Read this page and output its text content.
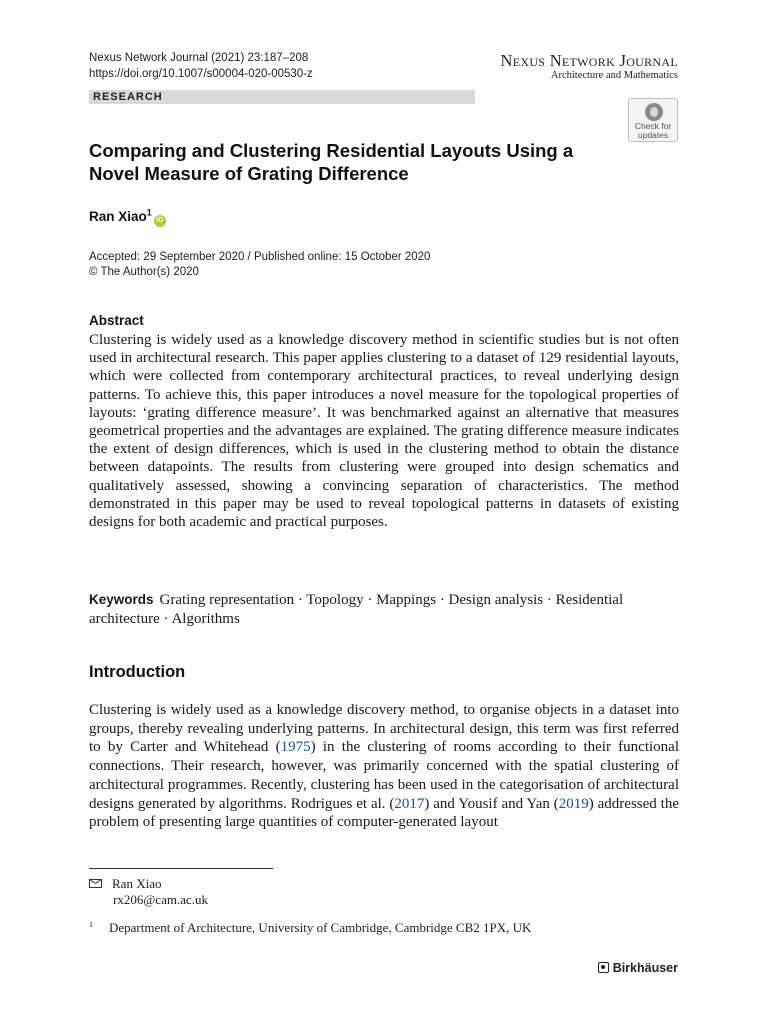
Nexus Network Journal (2021) 23:187–208
https://doi.org/10.1007/s00004-020-00530-z
Nexus Network Journal
Architecture and Mathematics
RESEARCH
Check for updates
Comparing and Clustering Residential Layouts Using a Novel Measure of Grating Difference
Ran Xiao$^1$iD
Accepted: 29 September 2020 / Published online: 15 October 2020
© The Author(s) 2020
Abstract
Clustering is widely used as a knowledge discovery method in scientific studies but is not often used in architectural research. This paper applies clustering to a dataset of 129 residential layouts, which were collected from contemporary architectural practices, to reveal underlying design patterns. To achieve this, this paper introduces a novel measure for the topological properties of layouts: ‘grating difference measure’. It was benchmarked against an alternative that measures geometrical properties and the advantages are explained. The grating difference measure indicates the extent of design differences, which is used in the clustering method to obtain the distance between datapoints. The results from clustering were grouped into design schematics and qualitatively assessed, showing a convincing separation of characteristics. The method demonstrated in this paper may be used to reveal topological patterns in datasets of existing designs for both academic and practical purposes.
Keywords Grating representation · Topology · Mappings · Design analysis · Residential architecture · Algorithms
Introduction
Clustering is widely used as a knowledge discovery method, to organise objects in a dataset into groups, thereby revealing underlying patterns. In architectural design, this term was first referred to by Carter and Whitehead (1975) in the clustering of rooms according to their functional connections. Their research, however, was primarily concerned with the spatial clustering of architectural programmes. Recently, clustering has been used in the categorisation of architectural designs generated by algorithms. Rodrigues et al. (2017) and Yousif and Yan (2019) addressed the problem of presenting large quantities of computer-generated layout
Ran Xiao
rx206@cam.ac.uk
$^1$ Department of Architecture, University of Cambridge, Cambridge CB2 1PX, UK
Birkhäuser
